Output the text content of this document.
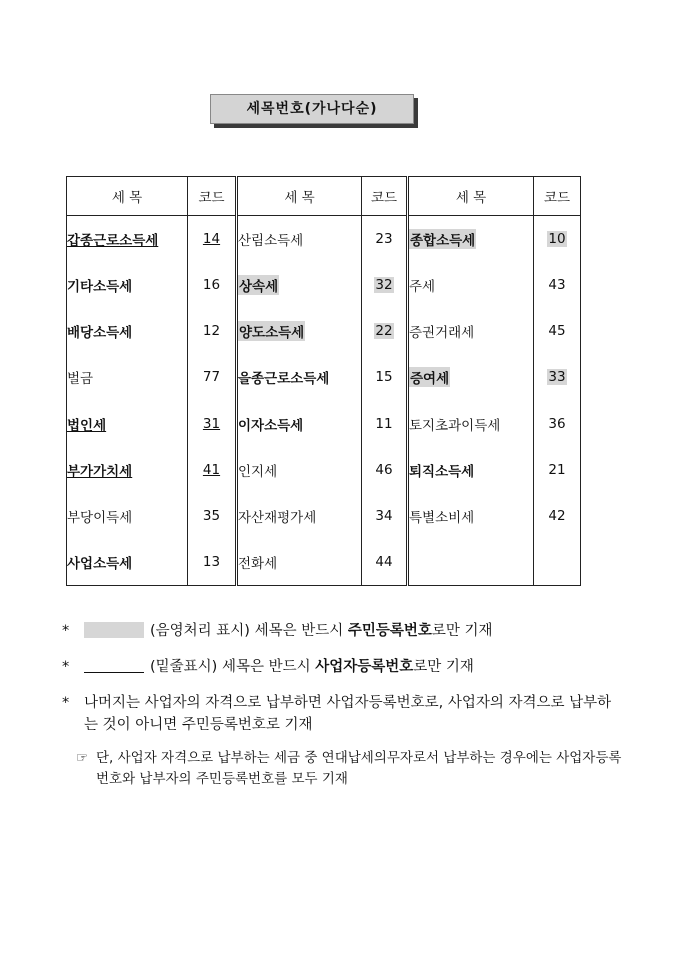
세목번호(가나다순)
세 목	코드	세 목	코드	세 목	코드
갑종근로소득세	14	산림소득세	23	종합소득세	10
기타소득세	16	상속세	32	주세	43
배당소득세	12	양도소득세	22	증권거래세	45
벌금	77	을종근로소득세	15	증여세	33
법인세	31	이자소득세	11	토지초과이득세	36
부가가치세	41	인지세	46	퇴직소득세	21
부당이득세	35	자산재평가세	34	특별소비세	42
사업소득세	13	전화세	44		
*	(음영처리 표시) 세목은 반드시 주민등록번호로만 기재
*	(밑줄표시) 세목은 반드시 사업자등록번호로만 기재
* 나머지는 사업자의 자격으로 납부하면 사업자등록번호로, 사업자의 자격으로 납부하는 것이 아니면 주민등록번호로 기재
☞ 단, 사업자 자격으로 납부하는 세금 중 연대납세의무자로서 납부하는 경우에는 사업자등록번호와 납부자의 주민등록번호를 모두 기재
